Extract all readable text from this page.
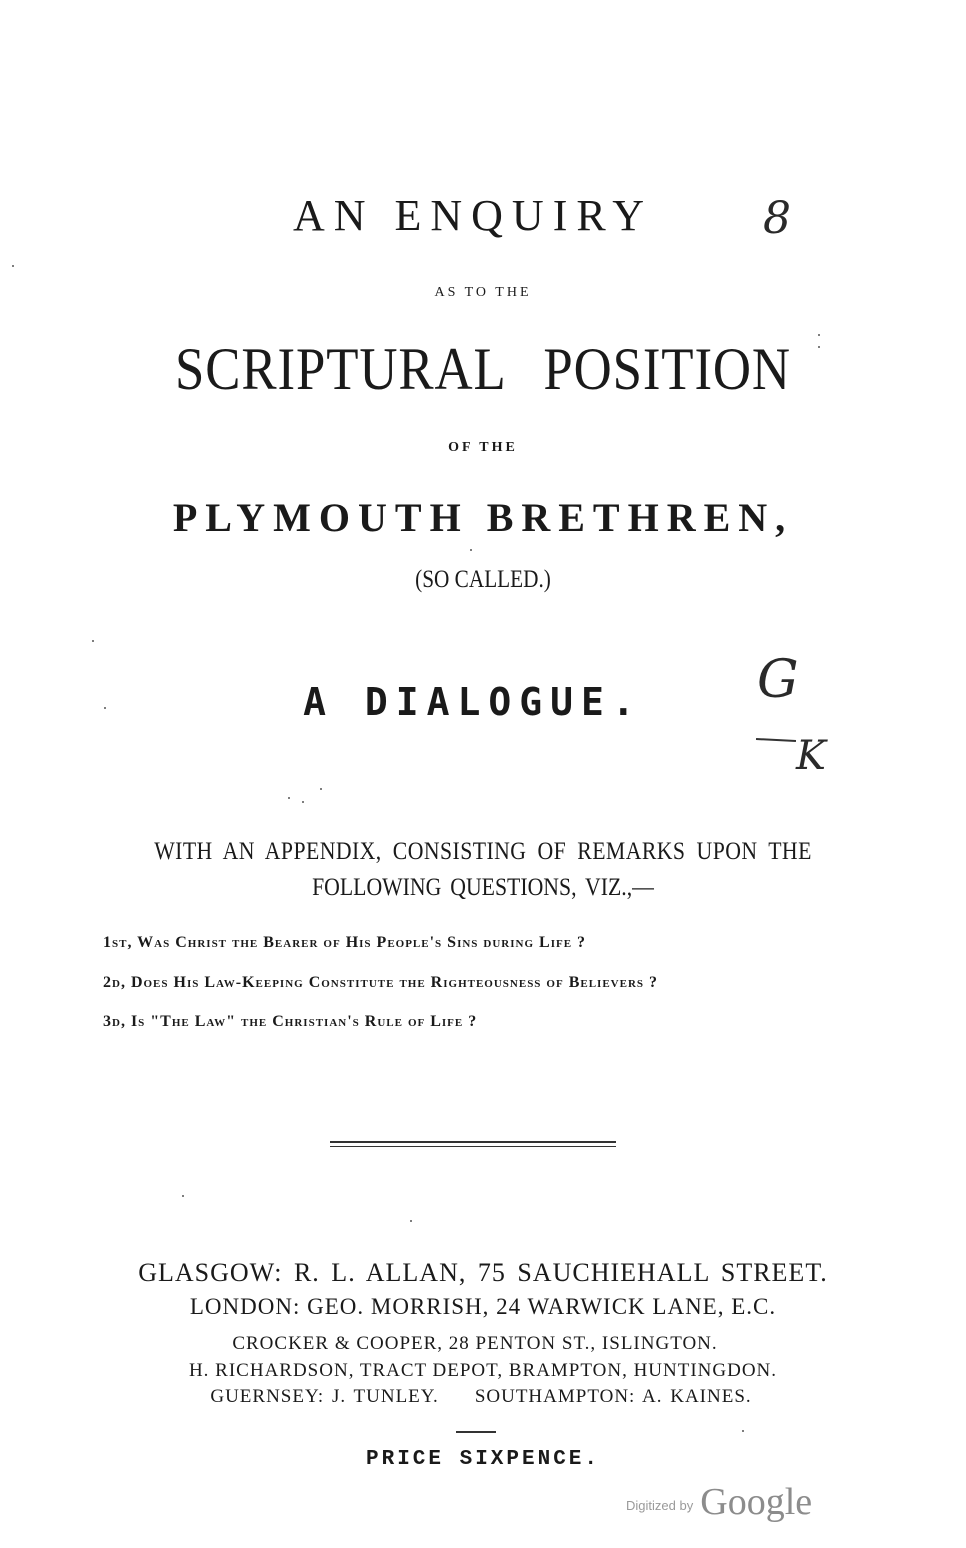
AN ENQUIRY	8
AS TO THE
SCRIPTURAL POSITION
OF THE
PLYMOUTH BRETHREN,
(SO CALLED.)
A DIALOGUE.	G
K
WITH AN APPENDIX, CONSISTING OF REMARKS UPON THE
FOLLOWING QUESTIONS, VIZ.,—
1st, Was Christ the Bearer of His People's Sins during Life ?
2d, Does His Law-Keeping Constitute the Righteousness of Believers ?
3d, Is "The Law" the Christian's Rule of Life ?
GLASGOW: R. L. ALLAN, 75 SAUCHIEHALL STREET.
LONDON: GEO. MORRISH, 24 WARWICK LANE, E.C.
CROCKER & COOPER, 28 PENTON ST., ISLINGTON.
H. RICHARDSON, TRACT DEPOT, BRAMPTON, HUNTINGDON.
GUERNSEY: J. TUNLEY. SOUTHAMPTON: A. KAINES.
PRICE SIXPENCE.
$^{Digitized by}$ Google
